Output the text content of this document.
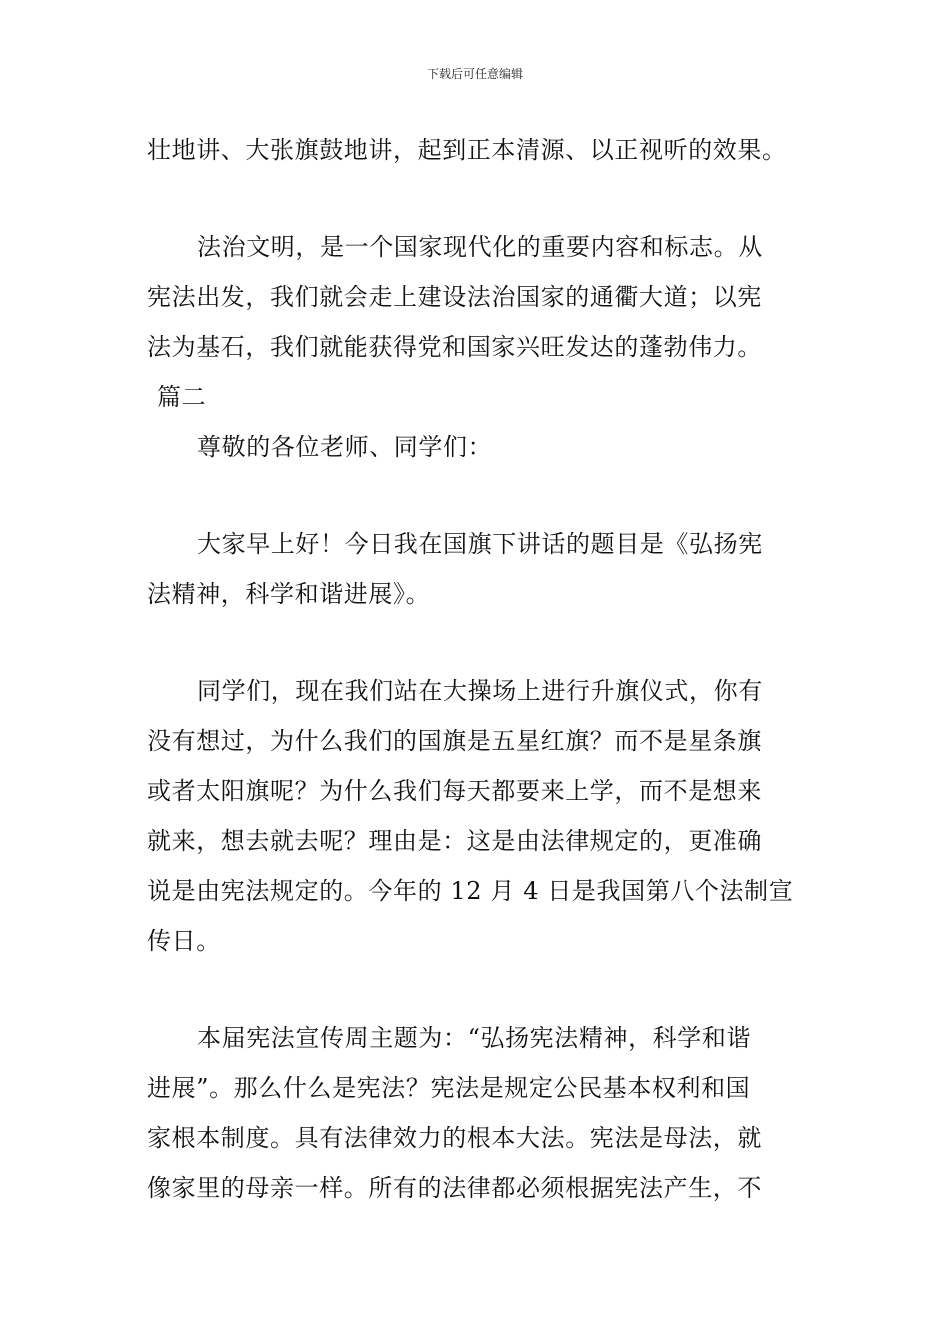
下载后可任意编辑
壮地讲、大张旗鼓地讲，起到正本清源、以正视听的效果。
法治文明，是一个国家现代化的重要内容和标志。从
宪法出发，我们就会走上建设法治国家的通衢大道；以宪
法为基石，我们就能获得党和国家兴旺发达的蓬勃伟力。
篇二
尊敬的各位老师、同学们：
大家早上好！今日我在国旗下讲话的题目是《弘扬宪
法精神，科学和谐进展》。
同学们，现在我们站在大操场上进行升旗仪式，你有
没有想过，为什么我们的国旗是五星红旗？而不是星条旗
或者太阳旗呢？为什么我们每天都要来上学，而不是想来
就来，想去就去呢？理由是：这是由法律规定的，更准确
说是由宪法规定的。今年的 12 月 4 日是我国第八个法制宣
传日。
本届宪法宣传周主题为：“弘扬宪法精神，科学和谐
进展”。那么什么是宪法？宪法是规定公民基本权利和国
家根本制度。具有法律效力的根本大法。宪法是母法，就
像家里的母亲一样。所有的法律都必须根据宪法产生，不
